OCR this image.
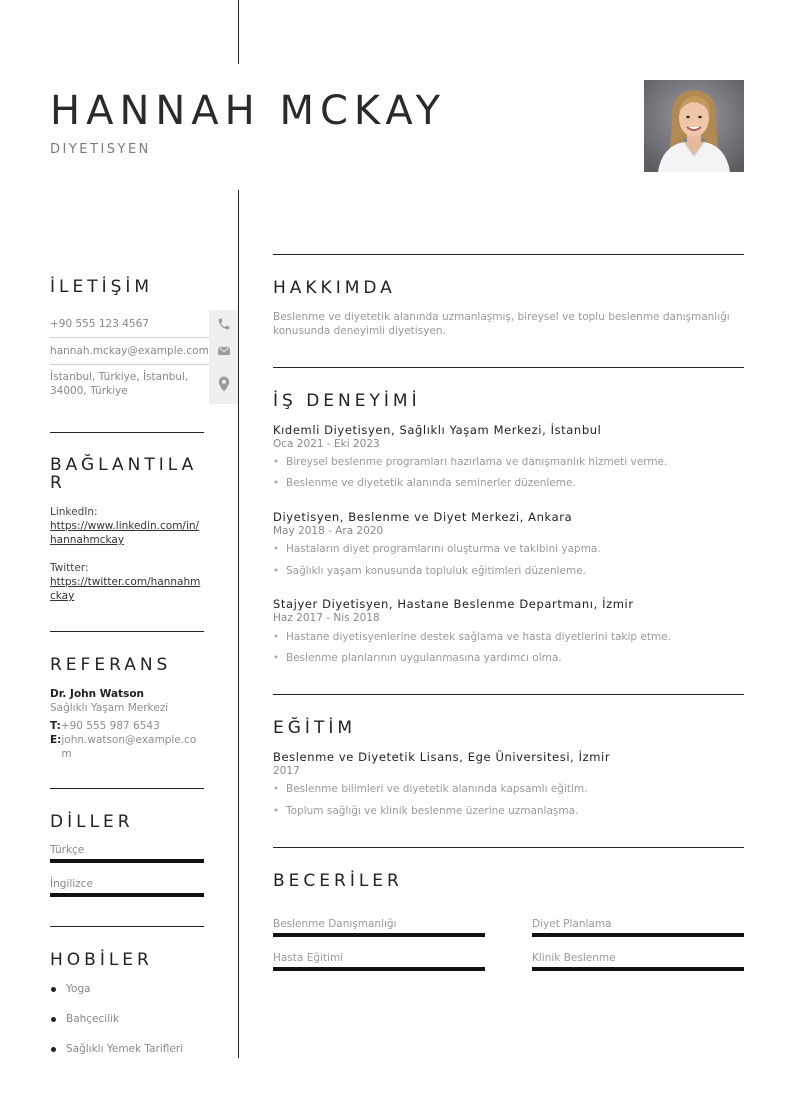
HANNAH MCKAY
DIYETISYEN
İLETİŞİM
+90 555 123 4567
hannah.mckay@example.com
İstanbul, Türkiye, İstanbul, 34000, Türkiye
BAĞLANTILAR
LinkedIn:
https://www.linkedin.com/in/hannahmckay
Twitter:
https://twitter.com/hannahmckay
REFERANS
Dr. John Watson
Sağlıklı Yaşam Merkezi
T: +90 555 987 6543
E: john.watson@example.com
DİLLER
Türkçe
İngilizce
HOBİLER
Yoga
Bahçecilik
Sağlıklı Yemek Tarifleri
HAKKIMDA
Beslenme ve diyetetik alanında uzmanlaşmış, bireysel ve toplu beslenme danışmanlığı konusunda deneyimli diyetisyen.
İŞ DENEYİMİ
Kıdemli Diyetisyen, Sağlıklı Yaşam Merkezi, İstanbul
Oca 2021 - Eki 2023
• Bireysel beslenme programları hazırlama ve danışmanlık hizmeti verme.
• Beslenme ve diyetetik alanında seminerler düzenleme.
Diyetisyen, Beslenme ve Diyet Merkezi, Ankara
May 2018 - Ara 2020
• Hastaların diyet programlarını oluşturma ve takibini yapma.
• Sağlıklı yaşam konusunda topluluk eğitimleri düzenleme.
Stajyer Diyetisyen, Hastane Beslenme Departmanı, İzmir
Haz 2017 - Nis 2018
• Hastane diyetisyenlerine destek sağlama ve hasta diyetlerini takip etme.
• Beslenme planlarının uygulanmasına yardımcı olma.
EĞİTİM
Beslenme ve Diyetetik Lisans, Ege Üniversitesi, İzmir
2017
• Beslenme bilimleri ve diyetetik alanında kapsamlı eğitim.
• Toplum sağlığı ve klinik beslenme üzerine uzmanlaşma.
BECERİLER
Beslenme Danışmanlığı	Diyet Planlama
Hasta Eğitimi	Klinik Beslenme
